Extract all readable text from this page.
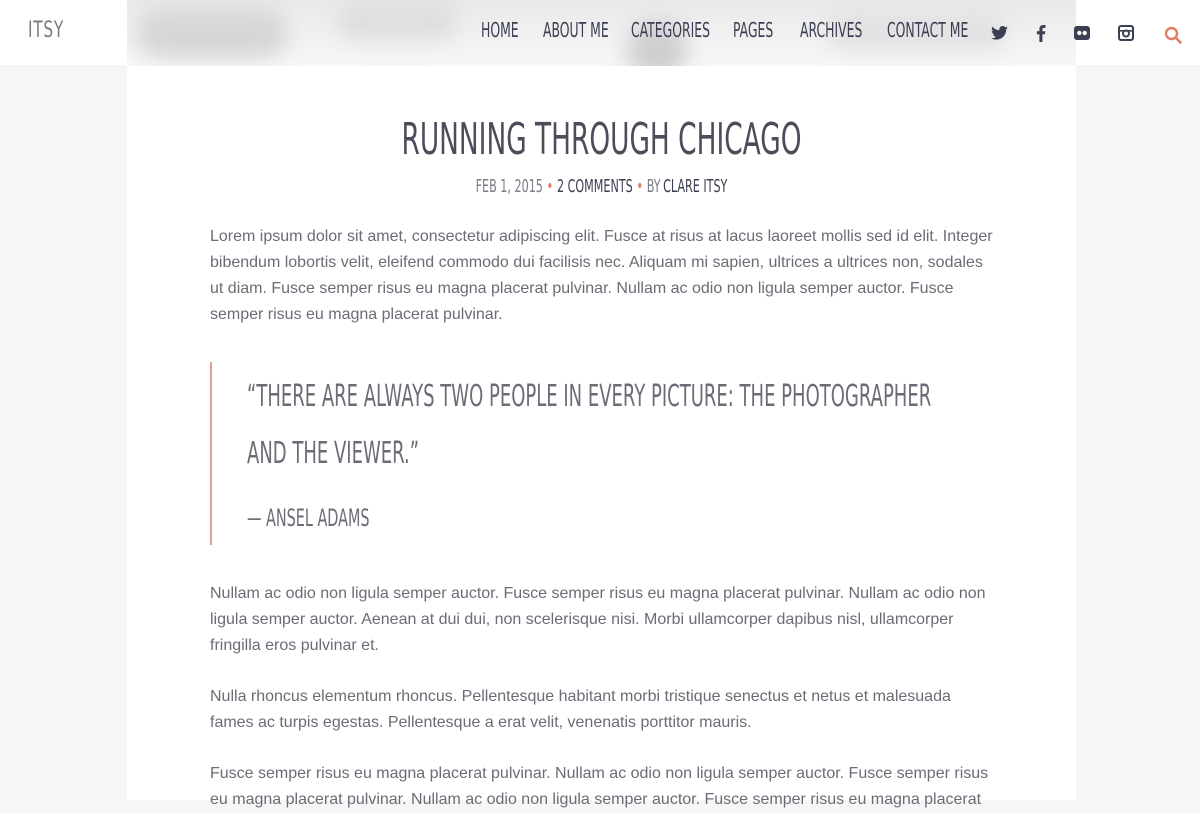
ITSY	HOME ABOUT ME CATEGORIES PAGES ARCHIVES CONTACT ME
RUNNING THROUGH CHICAGO
FEB 1, 2015 • 2 COMMENTS • BY CLARE ITSY

Lorem ipsum dolor sit amet, consectetur adipiscing elit. Fusce at risus at lacus laoreet mollis sed id elit. Integer bibendum lobortis velit, eleifend commodo dui facilisis nec. Aliquam mi sapien, ultrices a ultrices non, sodales ut diam. Fusce semper risus eu magna placerat pulvinar. Nullam ac odio non ligula semper auctor. Fusce semper risus eu magna placerat pulvinar.

“THERE ARE ALWAYS TWO PEOPLE IN EVERY PICTURE: THE PHOTOGRAPHER AND THE VIEWER.”

— ANSEL ADAMS

Nullam ac odio non ligula semper auctor. Fusce semper risus eu magna placerat pulvinar. Nullam ac odio non ligula semper auctor. Aenean at dui dui, non scelerisque nisi. Morbi ullamcorper dapibus nisl, ullamcorper fringilla eros pulvinar et.

Nulla rhoncus elementum rhoncus. Pellentesque habitant morbi tristique senectus et netus et malesuada fames ac turpis egestas. Pellentesque a erat velit, venenatis porttitor mauris.

Fusce semper risus eu magna placerat pulvinar. Nullam ac odio non ligula semper auctor. Fusce semper risus eu magna placerat pulvinar. Nullam ac odio non ligula semper auctor. Fusce semper risus eu magna placerat
